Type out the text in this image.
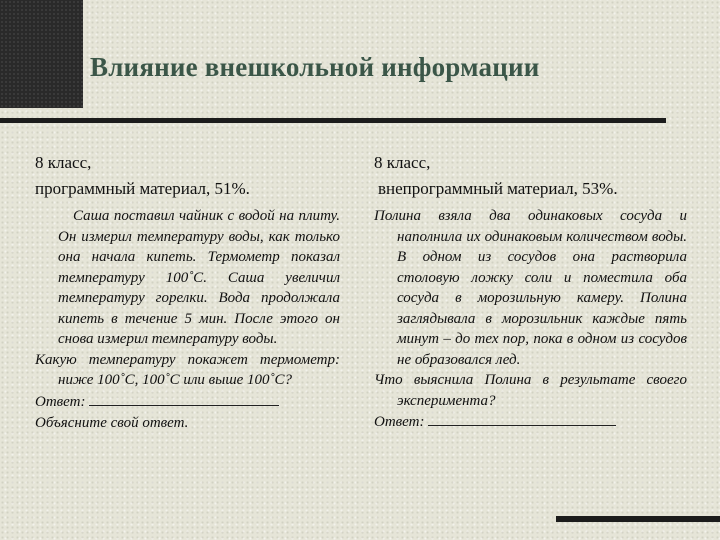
Влияние внешкольной информации
8 класс,
программный материал, 51%.

Саша поставил чайник с водой на плиту. Он измерил температуру воды, как только она начала кипеть. Термометр показал температуру 100˚С. Саша увеличил температуру горелки. Вода продолжала кипеть в течение 5 мин. После этого он снова измерил температуру воды.

Какую температуру покажет термометр: ниже 100˚С, 100˚С или выше 100˚С?

Ответ:

Объясните свой ответ.

8 класс,
внепрограммный материал, 53%.

Полина взяла два одинаковых сосуда и наполнила их одинаковым количеством воды. В одном из сосудов она растворила столовую ложку соли и поместила оба сосуда в морозильную камеру. Полина заглядывала в морозильник каждые пять минут – до тех пор, пока в одном из сосудов не образовался лед.

Что выяснила Полина в результате своего эксперимента?

Ответ:
